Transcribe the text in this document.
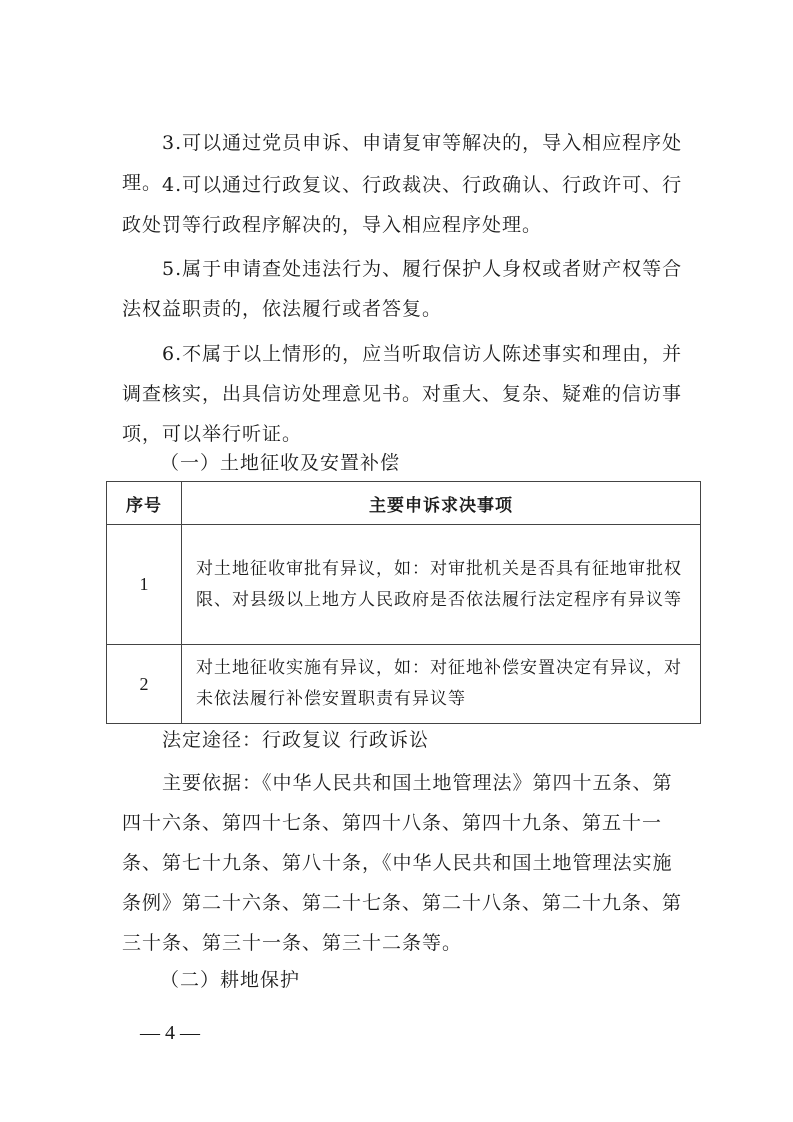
3.可以通过党员申诉、申请复审等解决的，导入相应程序处理。 4.可以通过行政复议、行政裁决、行政确认、行政许可、行政处罚等行政程序解决的，导入相应程序处理。

5.属于申请查处违法行为、履行保护人身权或者财产权等合法权益职责的，依法履行或者答复。

6.不属于以上情形的，应当听取信访人陈述事实和理由，并调查核实，出具信访处理意见书。对重大、复杂、疑难的信访事项，可以举行听证。

（一）土地征收及安置补偿

序号	主要申诉求决事项
1	对土地征收审批有异议，如：对审批机关是否具有征地审批权限、对县级以上地方人民政府是否依法履行法定程序有异议等
2	对土地征收实施有异议，如：对征地补偿安置决定有异议，对未依法履行补偿安置职责有异议等

法定途径：行政复议 行政诉讼

主要依据：《中华人民共和国土地管理法》第四十五条、第四十六条、第四十七条、第四十八条、第四十九条、第五十一条、第七十九条、第八十条，《中华人民共和国土地管理法实施条例》第二十六条、第二十七条、第二十八条、第二十九条、第三十条、第三十一条、第三十二条等。

（二）耕地保护

— 4 —
